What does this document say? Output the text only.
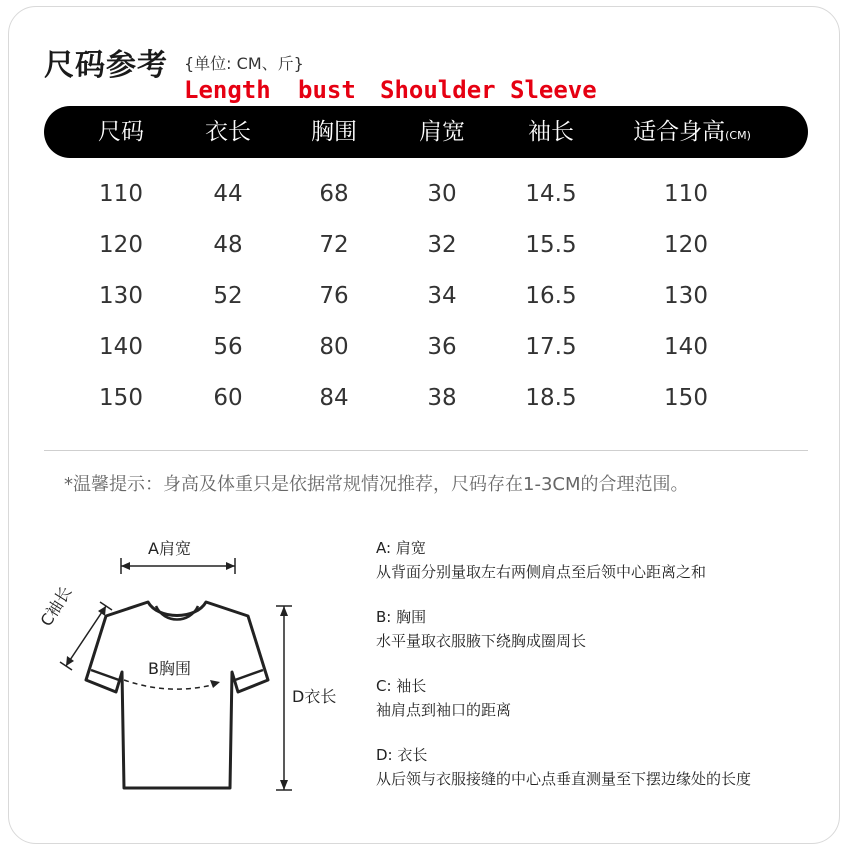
尺码参考 {单位: CM、斤}
Length bust Shoulder Sleeve
尺码	衣长	胸围	肩宽	袖长	适合身高(CM)
110	44	68	30	14.5	110
120	48	72	32	15.5	120
130	52	76	34	16.5	130
140	56	80	36	17.5	140
150	60	84	38	18.5	150
*温馨提示：身高及体重只是依据常规情况推荐，尺码存在1-3CM的合理范围。
A肩宽
C袖长
B胸围
D衣长
A: 肩宽
从背面分别量取左右两侧肩点至后领中心距离之和
B: 胸围
水平量取衣服腋下绕胸成圈周长
C: 袖长
袖肩点到袖口的距离
D: 衣长
从后领与衣服接缝的中心点垂直测量至下摆边缘处的长度
